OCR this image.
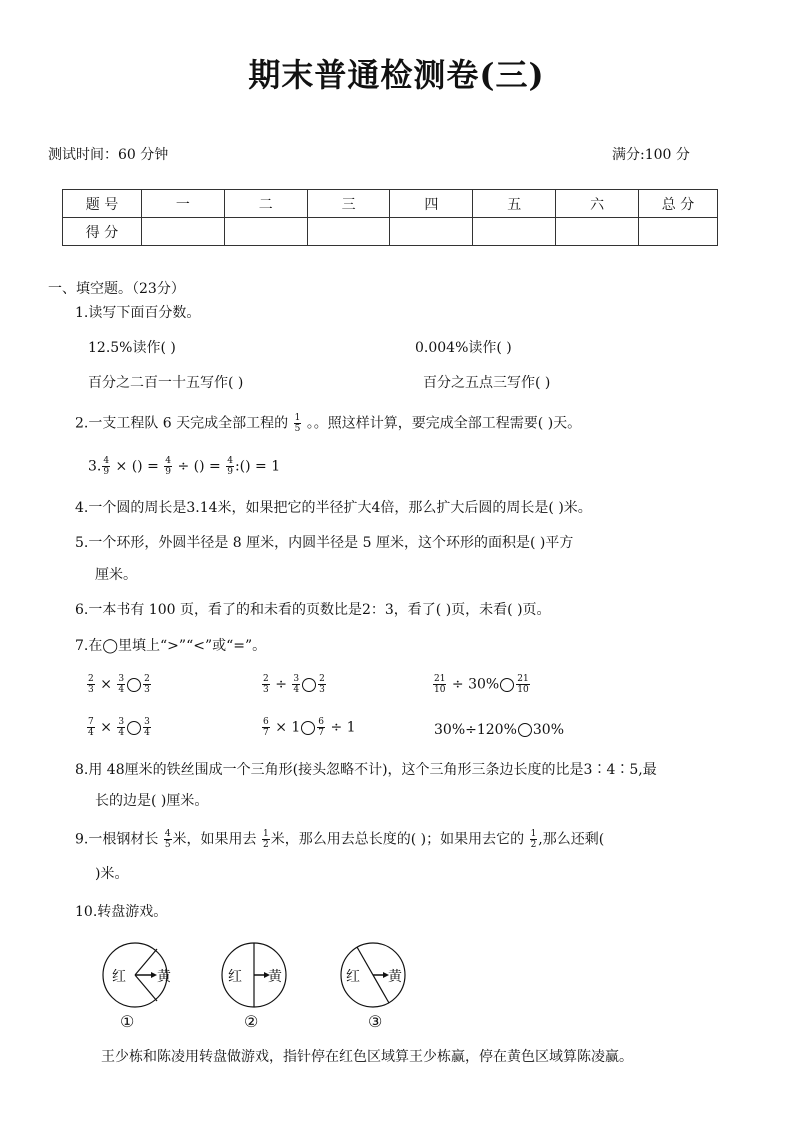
期末普通检测卷(三)
测试时间：60 分钟	满分:100 分
题 号	一	二	三	四	五	六	总 分
得 分							
一、填空题。（23分）
1.读写下面百分数。
12.5%读作( )	0.004%读作( )
百分之二百一十五写作( )	百分之五点三写作( )
2.一支工程队 6 天完成全部工程的 $\frac{1}{5}$ 。。照这样计算，要完成全部工程需要( )天。
3. $\frac{4}{9}$ × () = $\frac{4}{9}$ ÷ () = $\frac{4}{9}$ :() = 1
4.一个圆的周长是3.14米，如果把它的半径扩大4倍，那么扩大后圆的周长是( )米。
5.一个环形，外圆半径是 8 厘米，内圆半径是 5 厘米，这个环形的面积是( )平方
厘米。
6.一本书有 100 页，看了的和未看的页数比是2：3，看了( )页，未看( )页。
7.在◯里填上“>”“<”或“=”。
$\frac{2}{3} \times \frac{3}{4} \frac{2}{3}$	$\frac{2}{3} \div \frac{3}{4} \frac{2}{3}$	$\frac{21}{10} \div 30\% \frac{21}{10}$
$\frac{7}{4} \times \frac{3}{4} \frac{3}{4}$	$\frac{6}{7} \times 1 \frac{6}{7} \div 1$	30%÷120% 30%
8.用 48厘米的铁丝围成一个三角形(接头忽略不计)，这个三角形三条边长度的比是3∶4∶5,最
长的边是( )厘米。
9.一根钢材长 $\frac{4}{5}$ 米，如果用去 $\frac{1}{2}$ 米，那么用去总长度的( )；如果用去它的 $\frac{1}{2}$ ,那么还剩(
)米。
10.转盘游戏。
红 黄
①
红 黄
②
红 黄
③
王少栋和陈凌用转盘做游戏，指针停在红色区域算王少栋赢，停在黄色区域算陈凌赢。
